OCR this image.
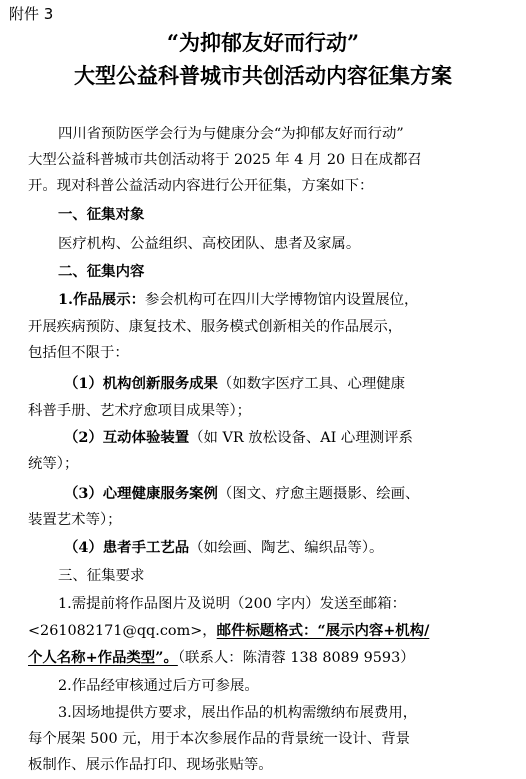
附件 3
“为抑郁友好而行动”
大型公益科普城市共创活动内容征集方案
四川省预防医学会行为与健康分会“为抑郁友好而行动”
大型公益科普城市共创活动将于 2025 年 4 月 20 日在成都召
开。现对科普公益活动内容进行公开征集，方案如下：
一、征集对象
医疗机构、公益组织、高校团队、患者及家属。
二、征集内容
1.作品展示：参会机构可在四川大学博物馆内设置展位，
开展疾病预防、康复技术、服务模式创新相关的作品展示，
包括但不限于：
（1）机构创新服务成果（如数字医疗工具、心理健康
科普手册、艺术疗愈项目成果等）；
（2）互动体验装置（如 VR 放松设备、AI 心理测评系
统等）；
（3）心理健康服务案例（图文、疗愈主题摄影、绘画、
装置艺术等）；
（4）患者手工艺品（如绘画、陶艺、编织品等）。
三、征集要求
1.需提前将作品图片及说明（200 字内）发送至邮箱：
<261082171@qq.com>，邮件标题格式：“展示内容+机构/
个人名称+作品类型”。（联系人：陈清蓉 138 8089 9593）
2.作品经审核通过后方可参展。
3.因场地提供方要求，展出作品的机构需缴纳布展费用，
每个展架 500 元，用于本次参展作品的背景统一设计、背景
板制作、展示作品打印、现场张贴等。
